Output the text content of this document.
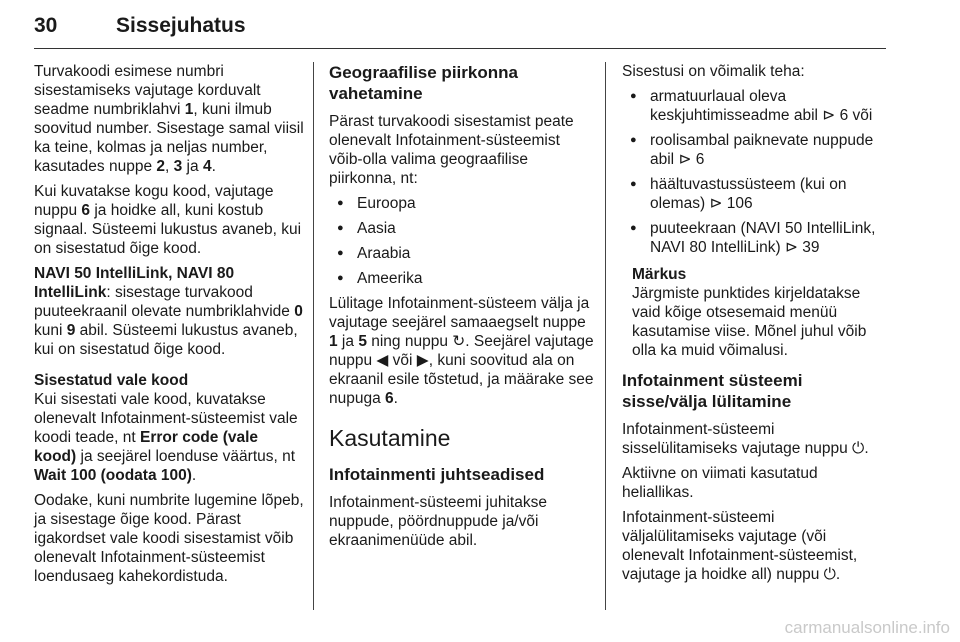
30	Sissejuhatus

Turvakoodi esimese numbri sisestamiseks vajutage korduvalt seadme numbriklahvi 1, kuni ilmub soovitud number. Sisestage samal viisil ka teine, kolmas ja neljas number, kasutades nuppe 2, 3 ja 4.

Kui kuvatakse kogu kood, vajutage nuppu 6 ja hoidke all, kuni kostub signaal. Süsteemi lukustus avaneb, kui on sisestatud õige kood.

NAVI 50 IntelliLink, NAVI 80 IntelliLink: sisestage turvakood puuteekraanil olevate numbriklahvide 0 kuni 9 abil. Süsteemi lukustus avaneb, kui on sisestatud õige kood.

Sisestatud vale kood
Kui sisestati vale kood, kuvatakse olenevalt Infotainment-süsteemist vale koodi teade, nt Error code (vale kood) ja seejärel loenduse väärtus, nt Wait 100 (oodata 100).

Oodake, kuni numbrite lugemine lõpeb, ja sisestage õige kood. Pärast igakordset vale koodi sisestamist võib olenevalt Infotainment-süsteemist loendusaeg kahekordistuda.

Geograafilise piirkonna vahetamine

Pärast turvakoodi sisestamist peate olenevalt Infotainment-süsteemist võib-olla valima geograafilise piirkonna, nt:

● Euroopa
● Aasia
● Araabia
● Ameerika

Lülitage Infotainment-süsteem välja ja vajutage seejärel samaaegselt nuppe 1 ja 5 ning nuppu ↻. Seejärel vajutage nuppu ◀ või ▶, kuni soovitud ala on ekraanil esile tõstetud, ja määrake see nupuga 6.

Kasutamine
Infotainmenti juhtseadised

Infotainment-süsteemi juhitakse nuppude, pöördnuppude ja/või ekraanimenüüde abil.

Sisestusi on võimalik teha:

● armatuurlaual oleva keskjuhtimisseadme abil ⊳ 6 või
● roolisambal paiknevate nuppude abil ⊳ 6
● häältuvastussüsteem (kui on olemas) ⊳ 106
● puuteekraan (NAVI 50 IntelliLink, NAVI 80 IntelliLink) ⊳ 39
Märkus
Järgmiste punktides kirjeldatakse vaid kõige otsesemaid menüü kasutamise viise. Mõnel juhul võib olla ka muid võimalusi.
Infotainment süsteemi sisse/välja lülitamine

Infotainment-süsteemi sisselülitamiseks vajutage nuppu ⏻.

Aktiivne on viimati kasutatud heliallikas.

Infotainment-süsteemi väljalülitamiseks vajutage (või olenevalt Infotainment-süsteemist, vajutage ja hoidke all) nuppu ⏻.

carmanualsonline.info
